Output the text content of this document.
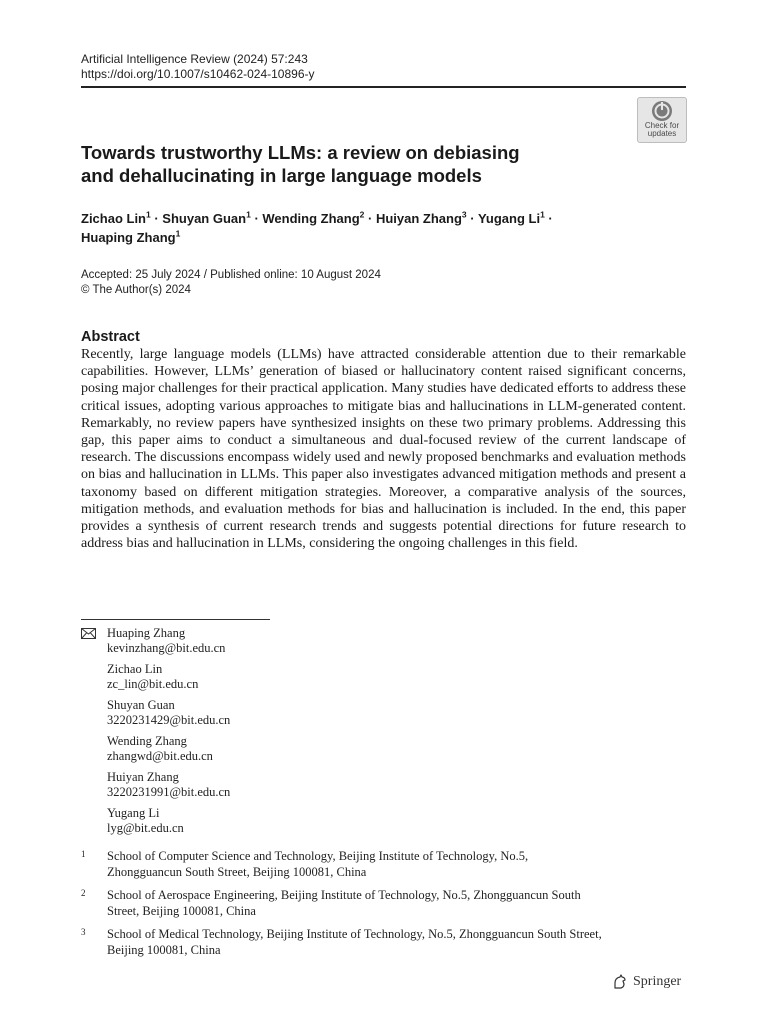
Artificial Intelligence Review (2024) 57:243
https://doi.org/10.1007/s10462-024-10896-y
Check for
updates
Towards trustworthy LLMs: a review on debiasing
and dehallucinating in large language models
Zichao Lin$^1$ · Shuyan Guan$^1$ · Wending Zhang$^2$ · Huiyan Zhang$^3$ · Yugang $Li^1$ ·
Huaping Zhang$^1$
Accepted: 25 July 2024 / Published online: 10 August 2024
© The Author(s) 2024
Abstract

Recently, large language models (LLMs) have attracted considerable attention due to their remarkable capabilities. However, LLMs’ generation of biased or hallucinatory content raised significant concerns, posing major challenges for their practical application. Many studies have dedicated efforts to address these critical issues, adopting various approaches to mitigate bias and hallucinations in LLM-generated content. Remarkably, no review papers have synthesized insights on these two primary problems. Addressing this gap, this paper aims to conduct a simultaneous and dual-focused review of the current landscape of research. The discussions encompass widely used and newly proposed benchmarks and evaluation methods on bias and hallucination in LLMs. This paper also investigates advanced mitigation methods and present a taxonomy based on different mitigation strategies. Moreover, a comparative analysis of the sources, mitigation methods, and evaluation methods for bias and hallucination is included. In the end, this paper provides a synthesis of current research trends and suggests potential directions for future research to address bias and hallucination in LLMs, considering the ongoing challenges in this field.

Huaping Zhang
kevinzhang@bit.edu.cn
Zichao Lin
zc_lin@bit.edu.cn
Shuyan Guan
3220231429@bit.edu.cn
Wending Zhang
zhangwd@bit.edu.cn
Huiyan Zhang
3220231991@bit.edu.cn
Yugang Li
lyg@bit.edu.cn
1 School of Computer Science and Technology, Beijing Institute of Technology, No.5,
Zhongguancun South Street, Beijing 100081, China
2 School of Aerospace Engineering, Beijing Institute of Technology, No.5, Zhongguancun South
Street, Beijing 100081, China
3 School of Medical Technology, Beijing Institute of Technology, No.5, Zhongguancun South Street,
Beijing 100081, China
Springer
